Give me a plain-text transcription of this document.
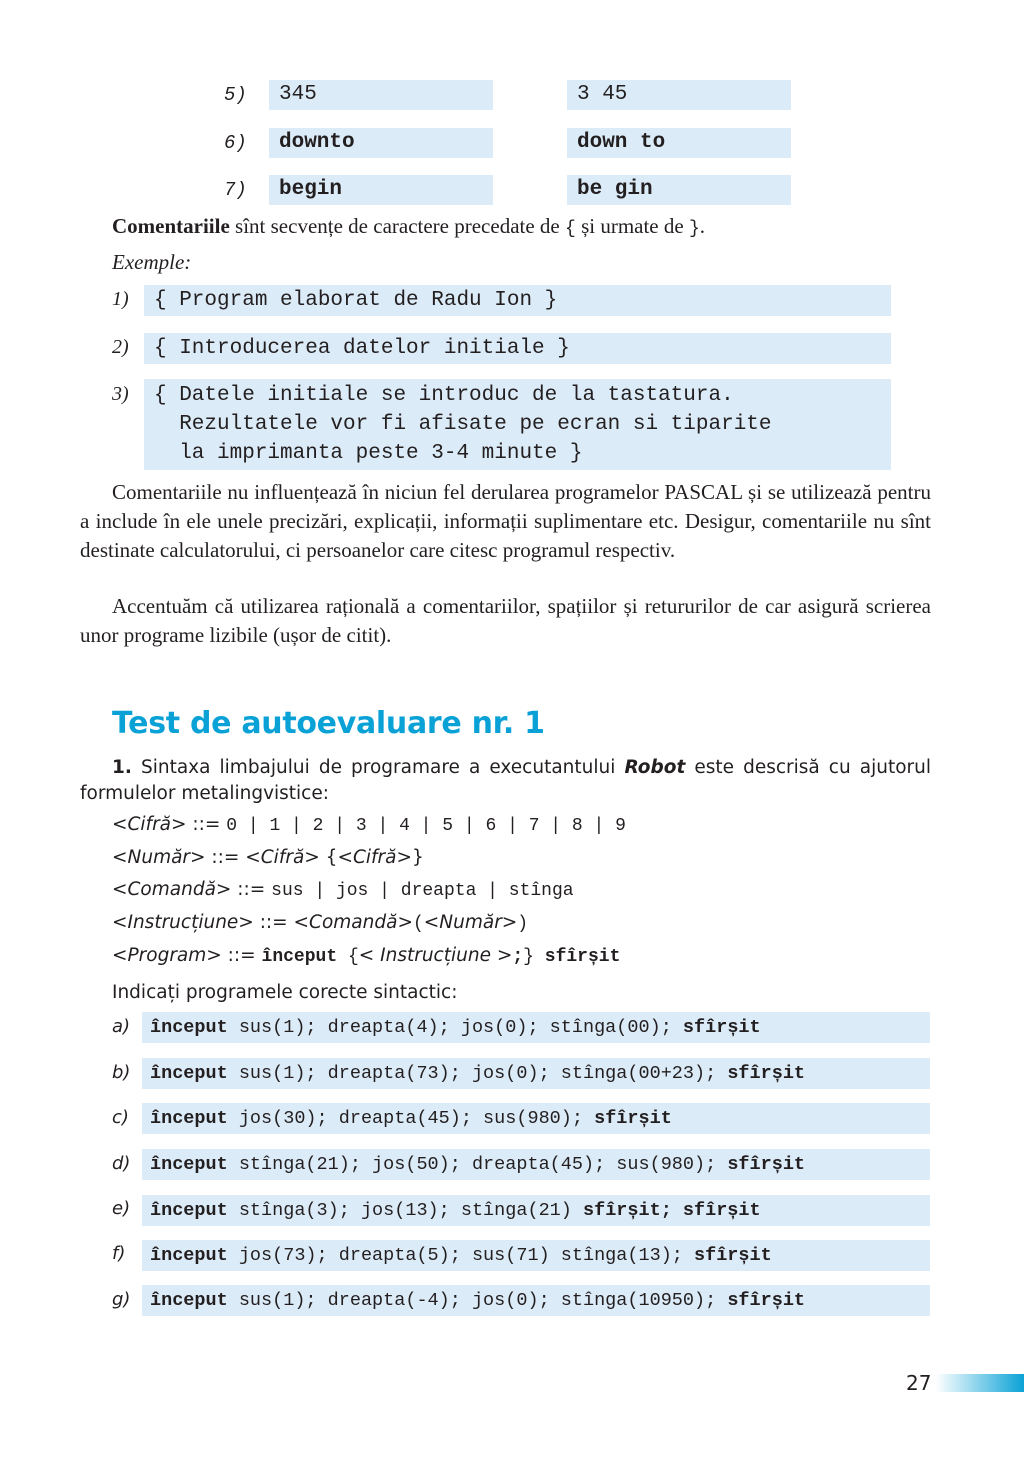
5)	345	3 45
6)	downto	down to
7)	begin	be gin
Comentariile sînt secvențe de caractere precedate de { și urmate de }.
Exemple:
1) { Program elaborat de Radu Ion }
2) { Introducerea datelor initiale }
3) { Datele initiale se introduc de la tastatura.
Rezultatele vor fi afisate pe ecran si tiparite
la imprimanta peste 3-4 minute }
Comentariile nu influențează în niciun fel derularea programelor PASCAL și se utilizează pentru a include în ele unele precizări, explicații, informații suplimentare etc. Desigur, comentariile nu sînt destinate calculatorului, ci persoanelor care citesc programul respectiv.
Accentuăm că utilizarea rațională a comentariilor, spațiilor și retururilor de car asigură scrierea unor programe lizibile (ușor de citit).
Test de autoevaluare nr. 1
1. Sintaxa limbajului de programare a executantului Robot este descrisă cu ajutorul formulelor metalingvistice:
<Cifră> ::= 0 | 1 | 2 | 3 | 4 | 5 | 6 | 7 | 8 | 9
<Număr> ::= <Cifră> {<Cifră>}
<Comandă> ::= sus | jos | dreapta | stînga
<Instrucțiune> ::= <Comandă>(<Număr>)
<Program> ::= început {< Instrucțiune >;} sfîrșit
Indicați programele corecte sintactic:
a) început sus(1); dreapta(4); jos(0); stînga(00); sfîrșit
b) început sus(1); dreapta(73); jos(0); stînga(00+23); sfîrșit
c) început jos(30); dreapta(45); sus(980); sfîrșit
d) început stînga(21); jos(50); dreapta(45); sus(980); sfîrșit
e) început stînga(3); jos(13); stînga(21) sfîrșit; sfîrșit
f) început jos(73); dreapta(5); sus(71) stînga(13); sfîrșit
g) început sus(1); dreapta(-4); jos(0); stînga(10950); sfîrșit
27
